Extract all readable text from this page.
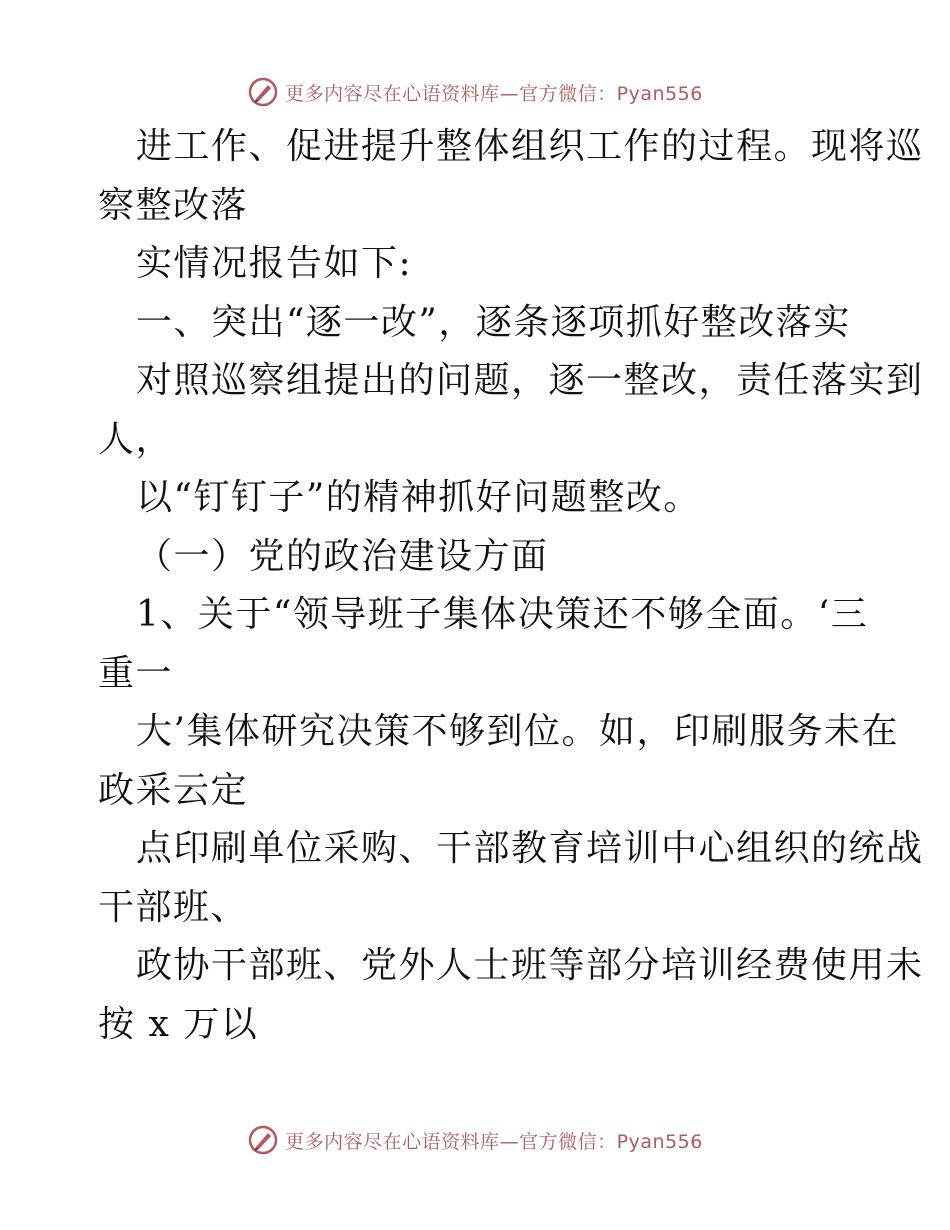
更多内容尽在心语资料库—官方微信：Pyan556
进工作、促进提升整体组织工作的过程。现将巡
察整改落
实情况报告如下:
一、突出“逐一改”，逐条逐项抓好整改落实
对照巡察组提出的问题，逐一整改，责任落实到
人，
以“钉钉子”的精神抓好问题整改。
（一）党的政治建设方面
1、关于“领导班子集体决策还不够全面。‘三
重一
大’集体研究决策不够到位。如，印刷服务未在
政采云定
点印刷单位采购、干部教育培训中心组织的统战
干部班、
政协干部班、党外人士班等部分培训经费使用未
按 x 万以
更多内容尽在心语资料库—官方微信：Pyan556
